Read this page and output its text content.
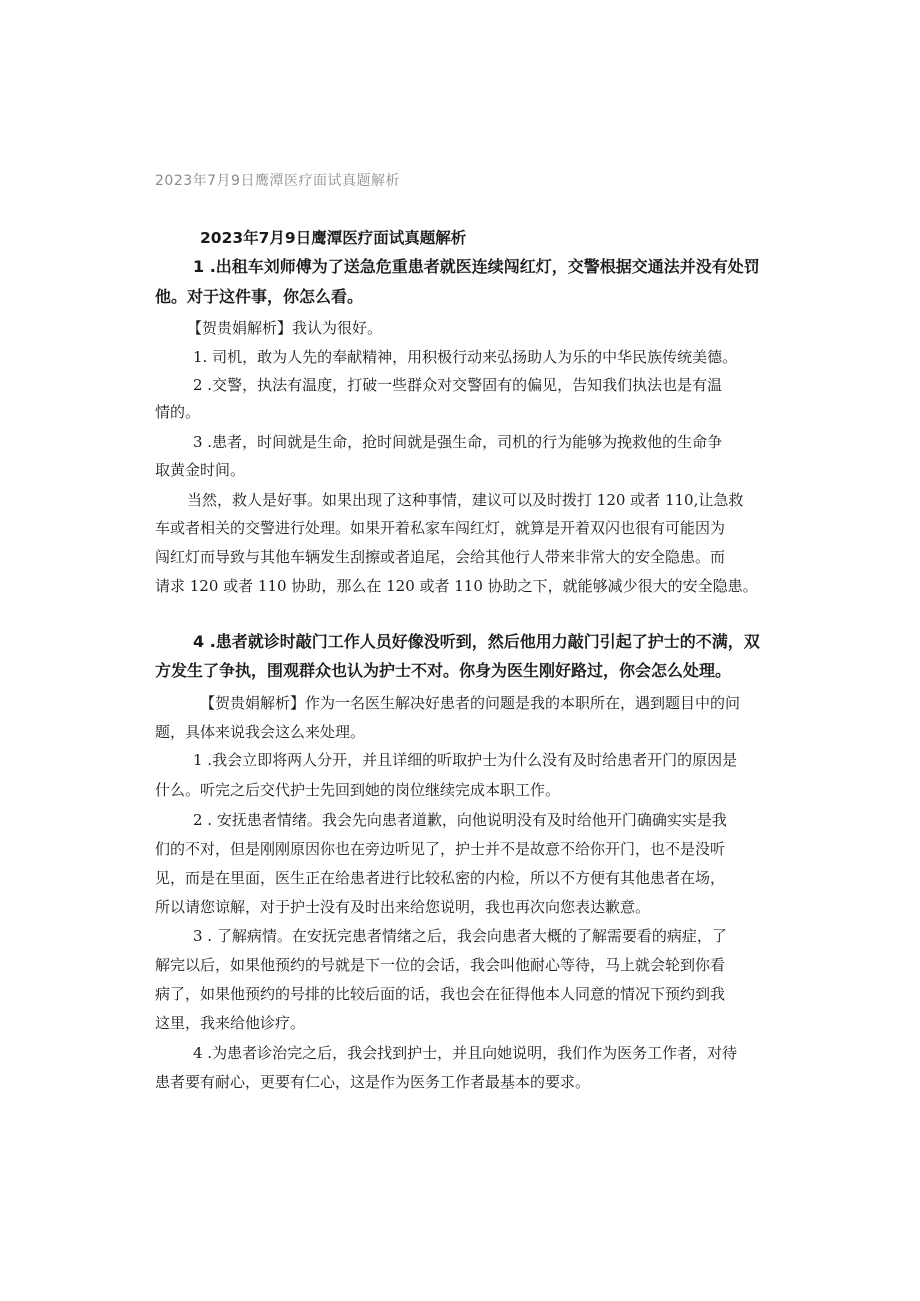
2023年7月9日鹰潭医疗面试真题解析
2023年7月9日鹰潭医疗面试真题解析
1 .出租车刘师傅为了送急危重患者就医连续闯红灯，交警根据交通法并没有处罚
他。对于这件事，你怎么看。
【贺贵娟解析】我认为很好。
1. 司机，敢为人先的奉献精神，用积极行动来弘扬助人为乐的中华民族传统美德。
2 .交警，执法有温度，打破一些群众对交警固有的偏见，告知我们执法也是有温
情的。
3 .患者，时间就是生命，抢时间就是强生命，司机的行为能够为挽救他的生命争
取黄金时间。
当然，救人是好事。如果出现了这种事情，建议可以及时拨打 120 或者 110,让急救
车或者相关的交警进行处理。如果开着私家车闯红灯，就算是开着双闪也很有可能因为
闯红灯而导致与其他车辆发生刮擦或者追尾，会给其他行人带来非常大的安全隐患。而
请求 120 或者 110 协助，那么在 120 或者 110 协助之下，就能够减少很大的安全隐患。
4 .患者就诊时敲门工作人员好像没听到，然后他用力敲门引起了护士的不满，双
方发生了争执，围观群众也认为护士不对。你身为医生刚好路过，你会怎么处理。
【贺贵娟解析】作为一名医生解决好患者的问题是我的本职所在，遇到题目中的问
题，具体来说我会这么来处理。
1 .我会立即将两人分开，并且详细的听取护士为什么没有及时给患者开门的原因是
什么。听完之后交代护士先回到她的岗位继续完成本职工作。
2 . 安抚患者情绪。我会先向患者道歉，向他说明没有及时给他开门确确实实是我
们的不对，但是刚刚原因你也在旁边听见了，护士并不是故意不给你开门，也不是没听
见，而是在里面，医生正在给患者进行比较私密的内检，所以不方便有其他患者在场，
所以请您谅解，对于护士没有及时出来给您说明，我也再次向您表达歉意。
3 . 了解病情。在安抚完患者情绪之后，我会向患者大概的了解需要看的病症，了
解完以后，如果他预约的号就是下一位的会话，我会叫他耐心等待，马上就会轮到你看
病了，如果他预约的号排的比较后面的话，我也会在征得他本人同意的情况下预约到我
这里，我来给他诊疗。
4 .为患者诊治完之后，我会找到护士，并且向她说明，我们作为医务工作者，对待
患者要有耐心，更要有仁心，这是作为医务工作者最基本的要求。
